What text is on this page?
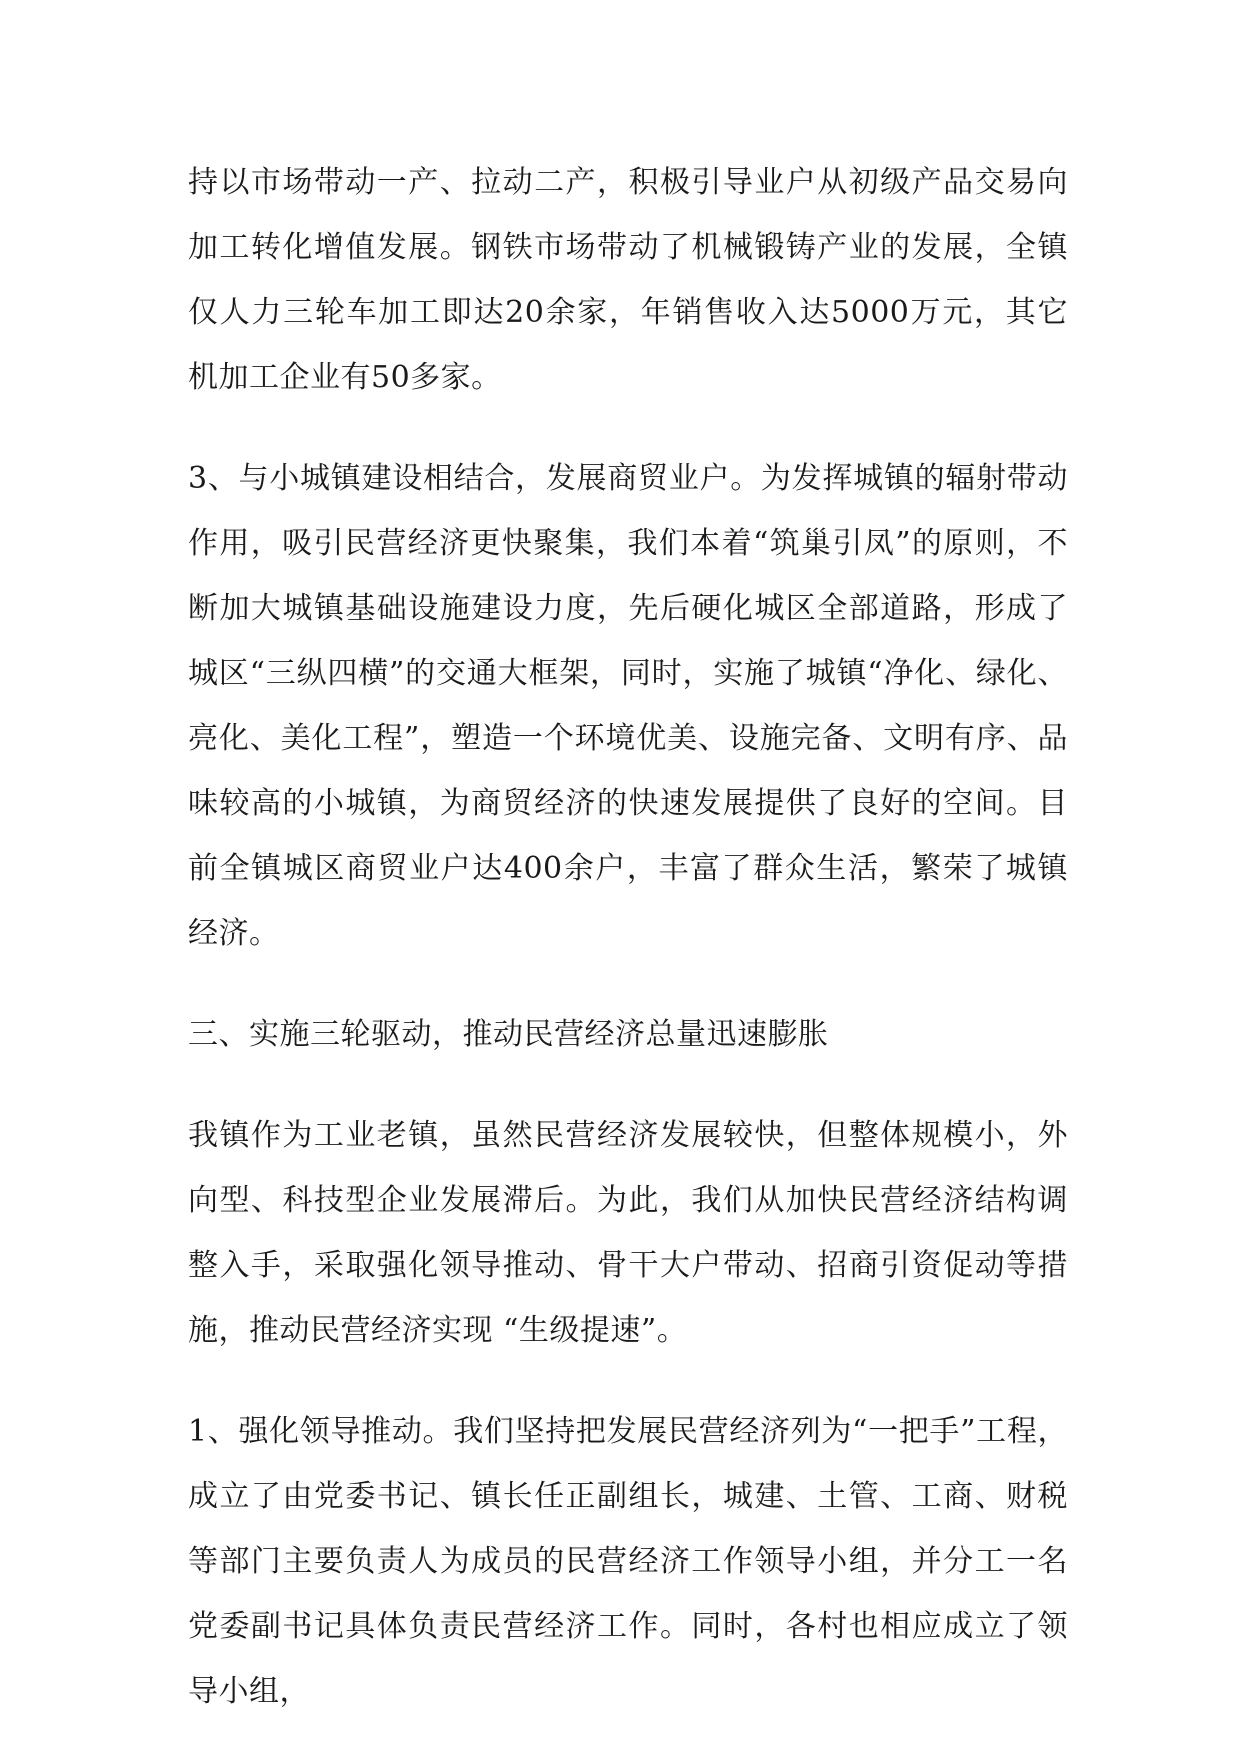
持以市场带动一产、拉动二产，积极引导业户从初级产品交易向加工转化增值发展。钢铁市场带动了机械锻铸产业的发展，全镇仅人力三轮车加工即达20余家，年销售收入达5000万元，其它机加工企业有50多家。

3、与小城镇建设相结合，发展商贸业户。为发挥城镇的辐射带动作用，吸引民营经济更快聚集，我们本着“筑巢引凤”的原则，不断加大城镇基础设施建设力度，先后硬化城区全部道路，形成了城区“三纵四横”的交通大框架，同时，实施了城镇“净化、绿化、亮化、美化工程”，塑造一个环境优美、设施完备、文明有序、品味较高的小城镇，为商贸经济的快速发展提供了良好的空间。目前全镇城区商贸业户达400余户，丰富了群众生活，繁荣了城镇经济。

三、实施三轮驱动，推动民营经济总量迅速膨胀

我镇作为工业老镇，虽然民营经济发展较快，但整体规模小，外向型、科技型企业发展滞后。为此，我们从加快民营经济结构调整入手，采取强化领导推动、骨干大户带动、招商引资促动等措施，推动民营经济实现 “生级提速”。

1、强化领导推动。我们坚持把发展民营经济列为“一把手”工程，成立了由党委书记、镇长任正副组长，城建、土管、工商、财税等部门主要负责人为成员的民营经济工作领导小组，并分工一名党委副书记具体负责民营经济工作。同时，各村也相应成立了领导小组，
